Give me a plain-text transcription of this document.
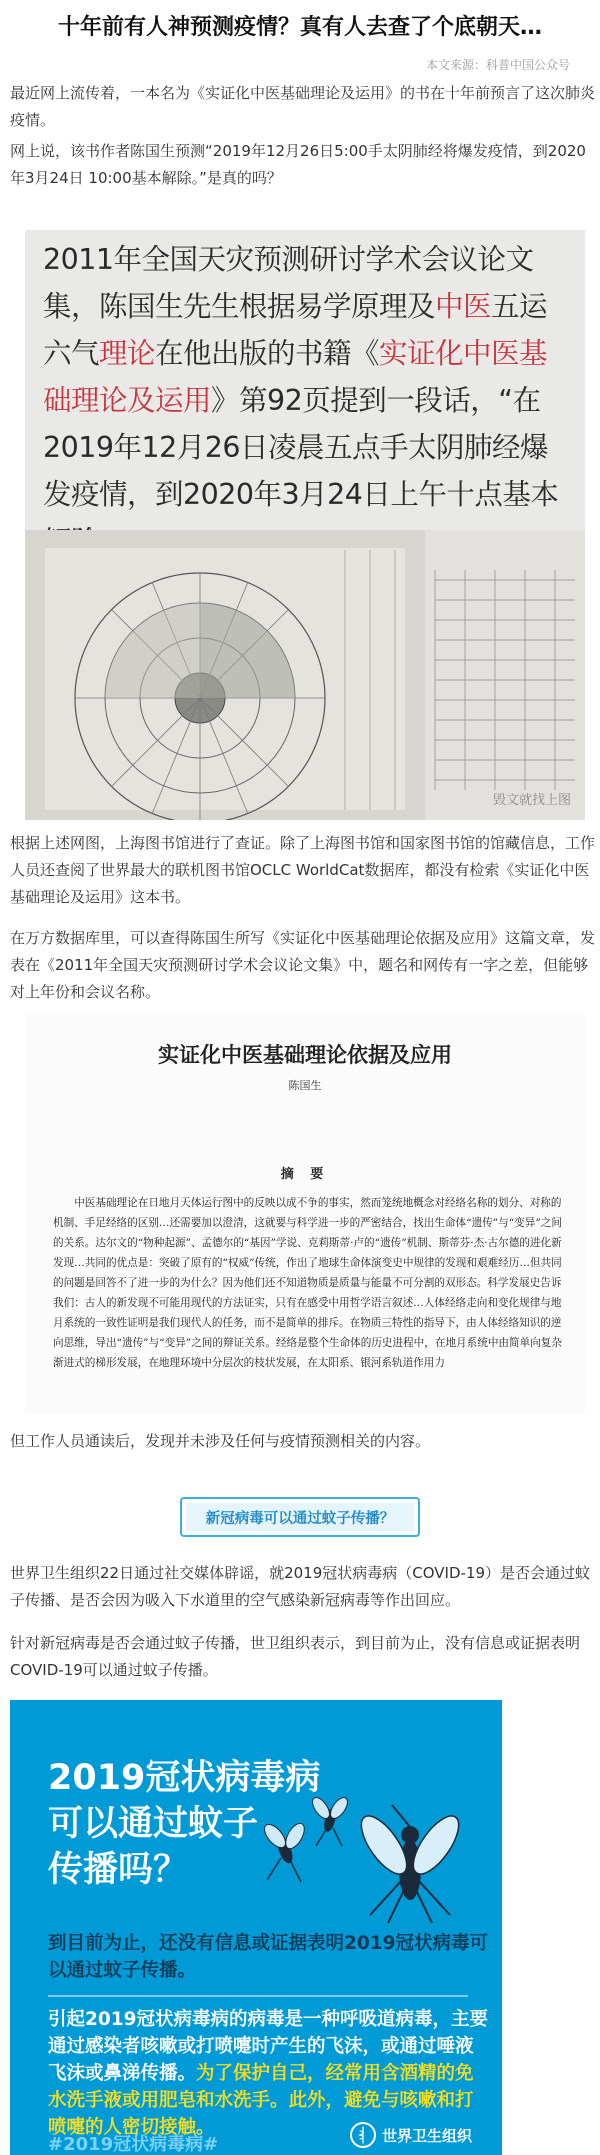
十年前有人神预测疫情？真有人去查了个底朝天…
本文来源：科普中国公众号

最近网上流传着，一本名为《实证化中医基础理论及运用》的书在十年前预言了这次肺炎疫情。

网上说，该书作者陈国生预测“2019年12月26日5:00手太阴肺经将爆发疫情，到2020年3月24日 10:00基本解除。”是真的吗？

2011年全国天灾预测研讨学术会议论文集，陈国生先生根据易学原理及中医五运六气理论在他出版的书籍《实证化中医基础理论及运用》第92页提到一段话，“在2019年12月26日凌晨五点手太阴肺经爆发疫情，到2020年3月24日上午十点基本
毁文就找上图

根据上述网图，上海图书馆进行了查证。除了上海图书馆和国家图书馆的馆藏信息，工作人员还查阅了世界最大的联机图书馆OCLC WorldCat数据库，都没有检索《实证化中医基础理论及运用》这本书。

在万方数据库里，可以查得陈国生所写《实证化中医基础理论依据及应用》这篇文章，发表在《2011年全国天灾预测研讨学术会议论文集》中，题名和网传有一字之差，但能够对上年份和会议名称。

实证化中医基础理论依据及应用
陈国生
摘 要
中医基础理论在日地月天体运行图中的反映以成不争的事实，然而笼统地概念对经络名称的划分、对称的机制、手足经络的区别…还需要加以澄清，这就要与科学进一步的严密结合，找出生命体“遗传”与“变异”之间的关系。达尔文的“物种起源”、孟德尔的“基因”学说、克莉斯蒂·卢的“遗传”机制、斯蒂芬·杰·古尔德的进化新发现…共同的优点是：突破了原有的“权威”传统，作出了地球生命体演变史中规律的发现和艰难经历…但共同的问题是回答不了进一步的为什么？因为他们还不知道物质是质量与能量不可分割的双形态。科学发展史告诉我们：古人的新发现不可能用现代的方法证实，只有在感受中用哲学语言叙述…人体经络走向和变化规律与地月系统的一致性证明是我们现代人的任务，而不是简单的排斥。在物质三特性的指导下，由人体经络知识的逆向思维，导出“遗传”与“变异”之间的辩证关系。经络是整个生命体的历史进程中，在地月系统中由简单向复杂渐进式的梯形发展，在地理环境中分层次的枝状发展，在太阳系、银河系轨道作用力

但工作人员通读后，发现并未涉及任何与疫情预测相关的内容。

新冠病毒可以通过蚊子传播？

世界卫生组织22日通过社交媒体辟谣，就2019冠状病毒病（COVID-19）是否会通过蚊子传播、是否会因为吸入下水道里的空气感染新冠病毒等作出回应。

针对新冠病毒是否会通过蚊子传播，世卫组织表示，到目前为止，没有信息或证据表明COVID-19可以通过蚊子传播。

2019冠状病毒病
可以通过蚊子
传播吗？
到目前为止，还没有信息或证据表明2019冠状病毒可以通过蚊子传播。
引起2019冠状病毒病的病毒是一种呼吸道病毒，主要通过感染者咳嗽或打喷嚏时产生的飞沫，或通过唾液飞沫或鼻涕传播。为了保护自己，经常用含酒精的免水洗手液或用肥皂和水洗手。此外，避免与咳嗽和打喷嚏的人密切接触。
#2019冠状病毒病#	世界卫生组织
